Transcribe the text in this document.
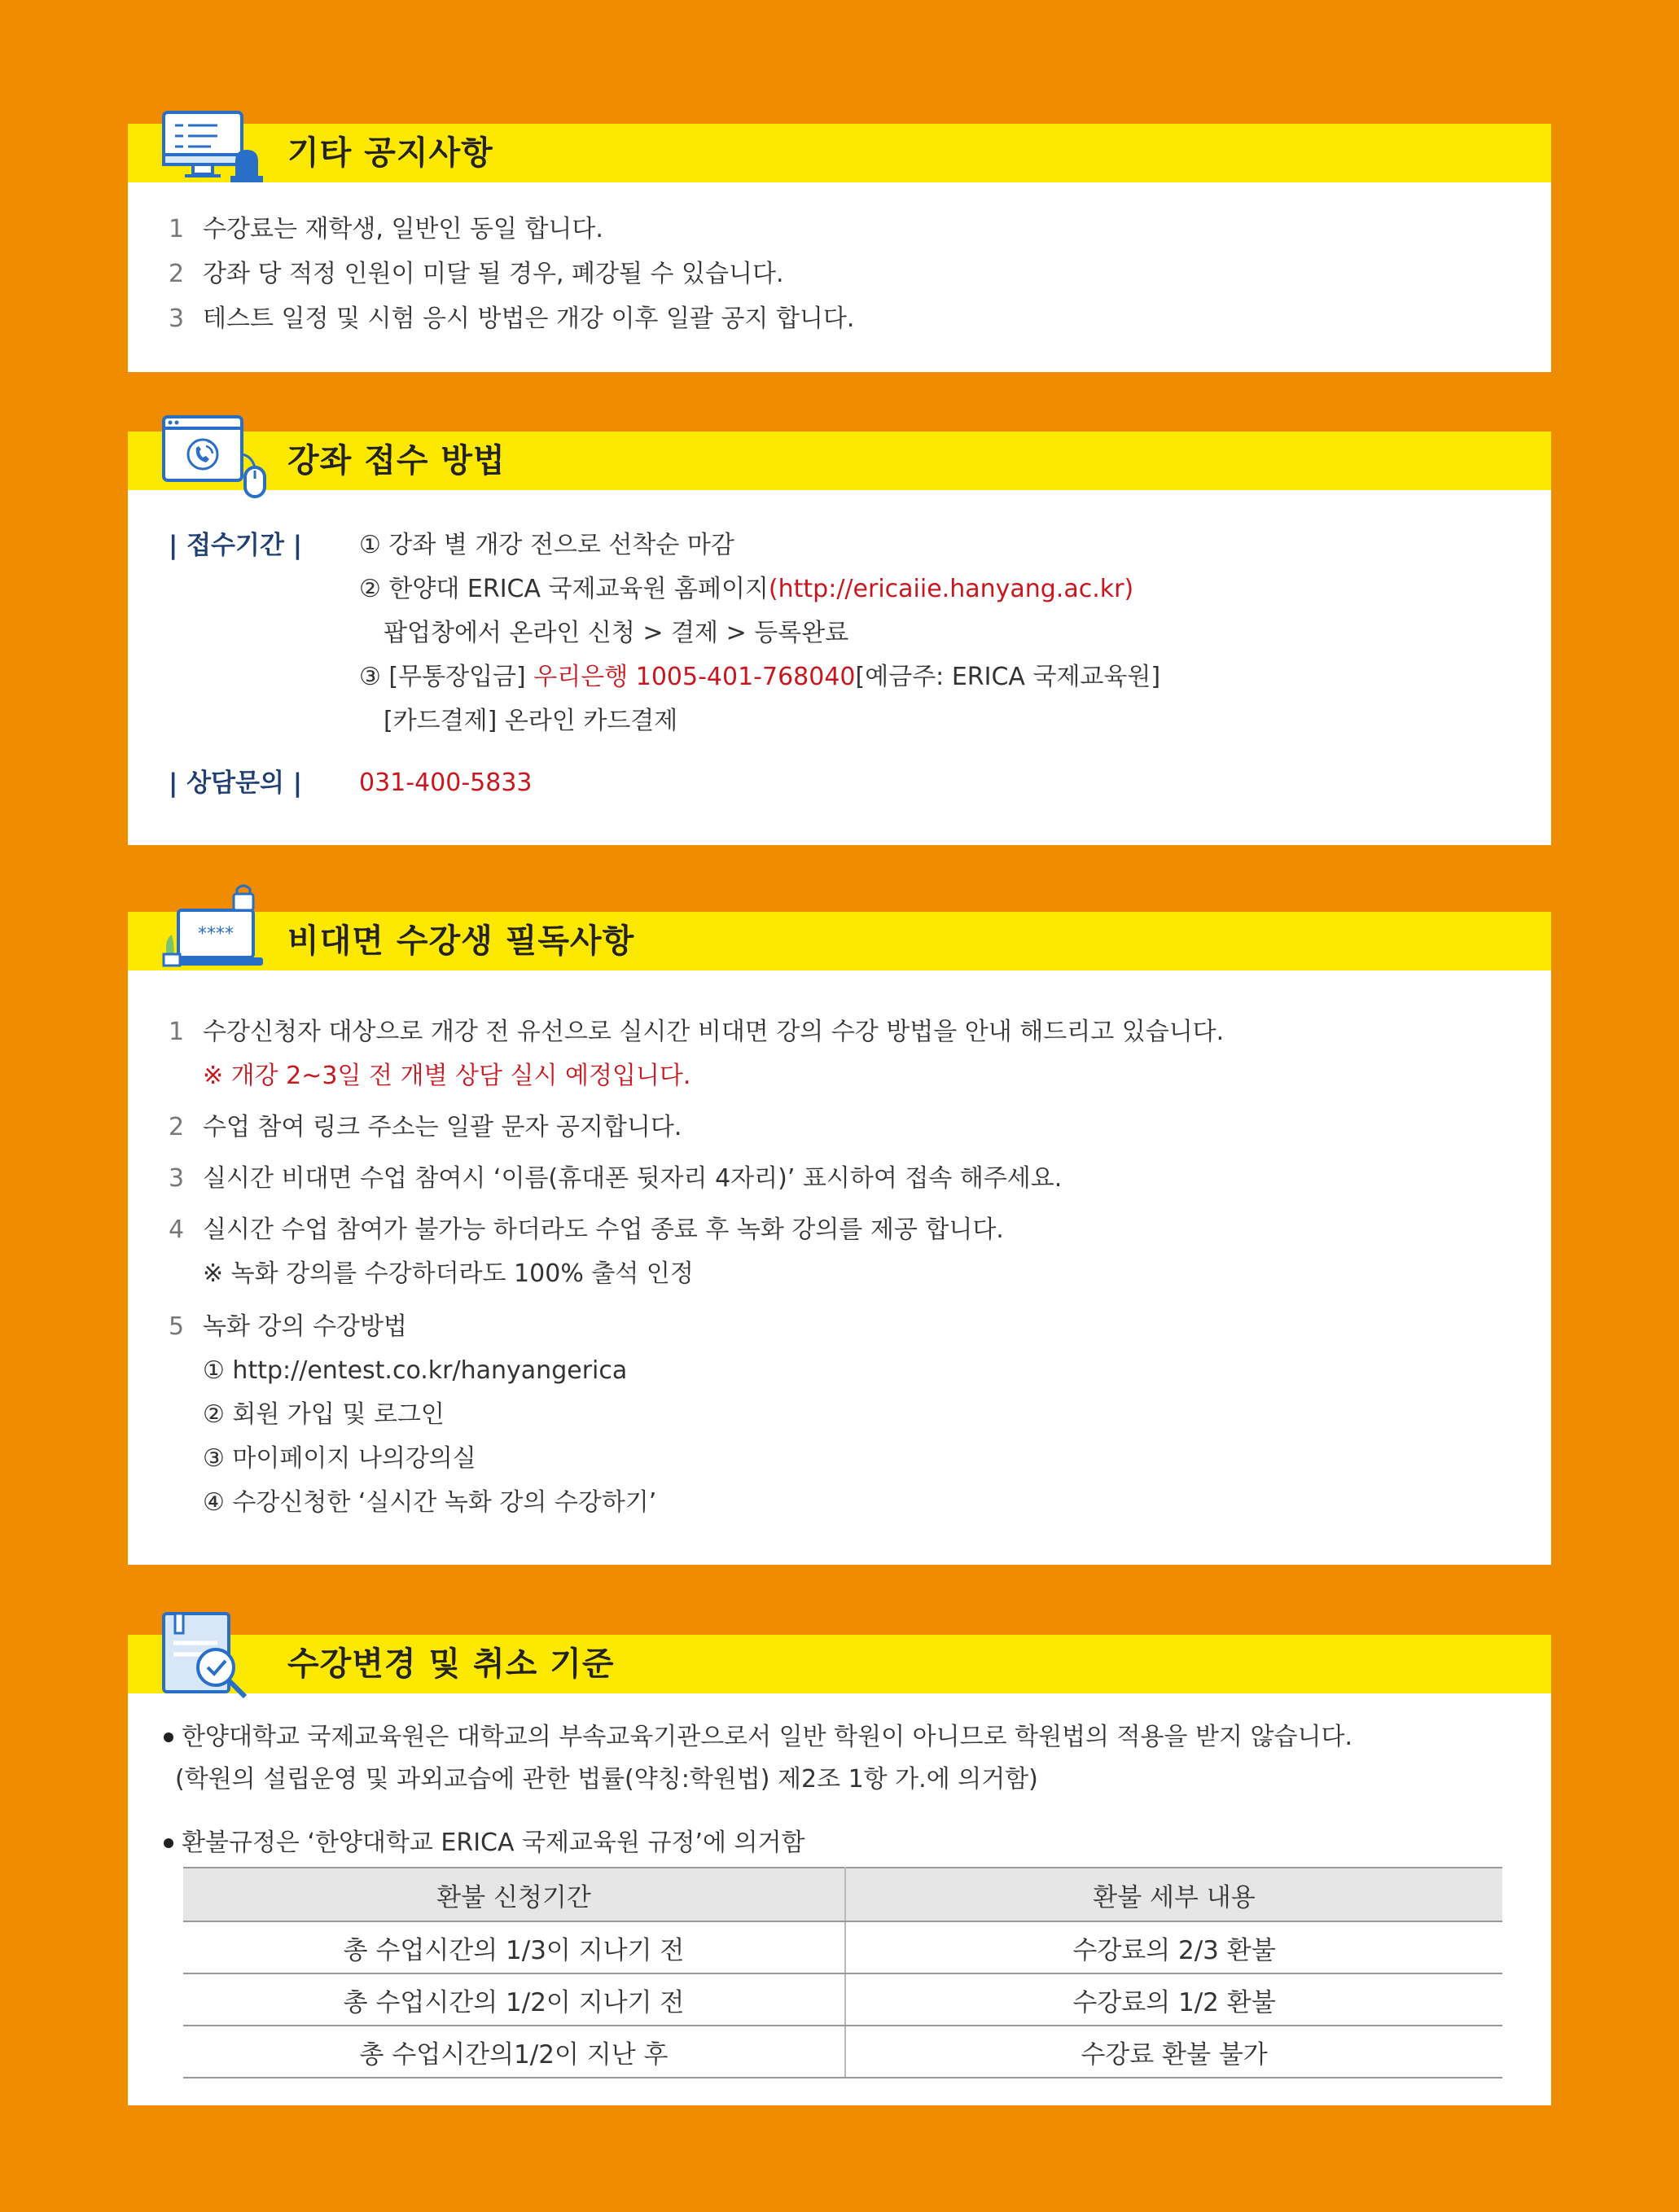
기타 공지사항
1 수강료는 재학생, 일반인 동일 합니다.
2 강좌 당 적정 인원이 미달 될 경우, 폐강될 수 있습니다.
3 테스트 일정 및 시험 응시 방법은 개강 이후 일괄 공지 합니다.
강좌 접수 방법
| 접수기간 | ① 강좌 별 개강 전으로 선착순 마감
② 한양대 ERICA 국제교육원 홈페이지(http://ericaiie.hanyang.ac.kr)
팝업창에서 온라인 신청 > 결제 > 등록완료
③ [무통장입금] 우리은행 1005-401-768040[예금주: ERICA 국제교육원]
[카드결제] 온라인 카드결제
| 상담문의 | 031-400-5833
**** 비대면 수강생 필독사항
1 수강신청자 대상으로 개강 전 유선으로 실시간 비대면 강의 수강 방법을 안내 해드리고 있습니다.
※ 개강 2~3일 전 개별 상담 실시 예정입니다.
2 수업 참여 링크 주소는 일괄 문자 공지합니다.
3 실시간 비대면 수업 참여시 ‘이름(휴대폰 뒷자리 4자리)’ 표시하여 접속 해주세요.
4 실시간 수업 참여가 불가능 하더라도 수업 종료 후 녹화 강의를 제공 합니다.
※ 녹화 강의를 수강하더라도 100% 출석 인정
5 녹화 강의 수강방법
① http://entest.co.kr/hanyangerica
② 회원 가입 및 로그인
③ 마이페이지 나의강의실
④ 수강신청한 ‘실시간 녹화 강의 수강하기’
수강변경 및 취소 기준
한양대학교 국제교육원은 대학교의 부속교육기관으로서 일반 학원이 아니므로 학원법의 적용을 받지 않습니다.
(학원의 설립운영 및 과외교습에 관한 법률(약칭:학원법) 제2조 1항 가.에 의거함)
환불규정은 ‘한양대학교 ERICA 국제교육원 규정’에 의거함
환불 신청기간	환불 세부 내용
총 수업시간의 1/3이 지나기 전	수강료의 2/3 환불
총 수업시간의 1/2이 지나기 전	수강료의 1/2 환불
총 수업시간의1/2이 지난 후	수강료 환불 불가
